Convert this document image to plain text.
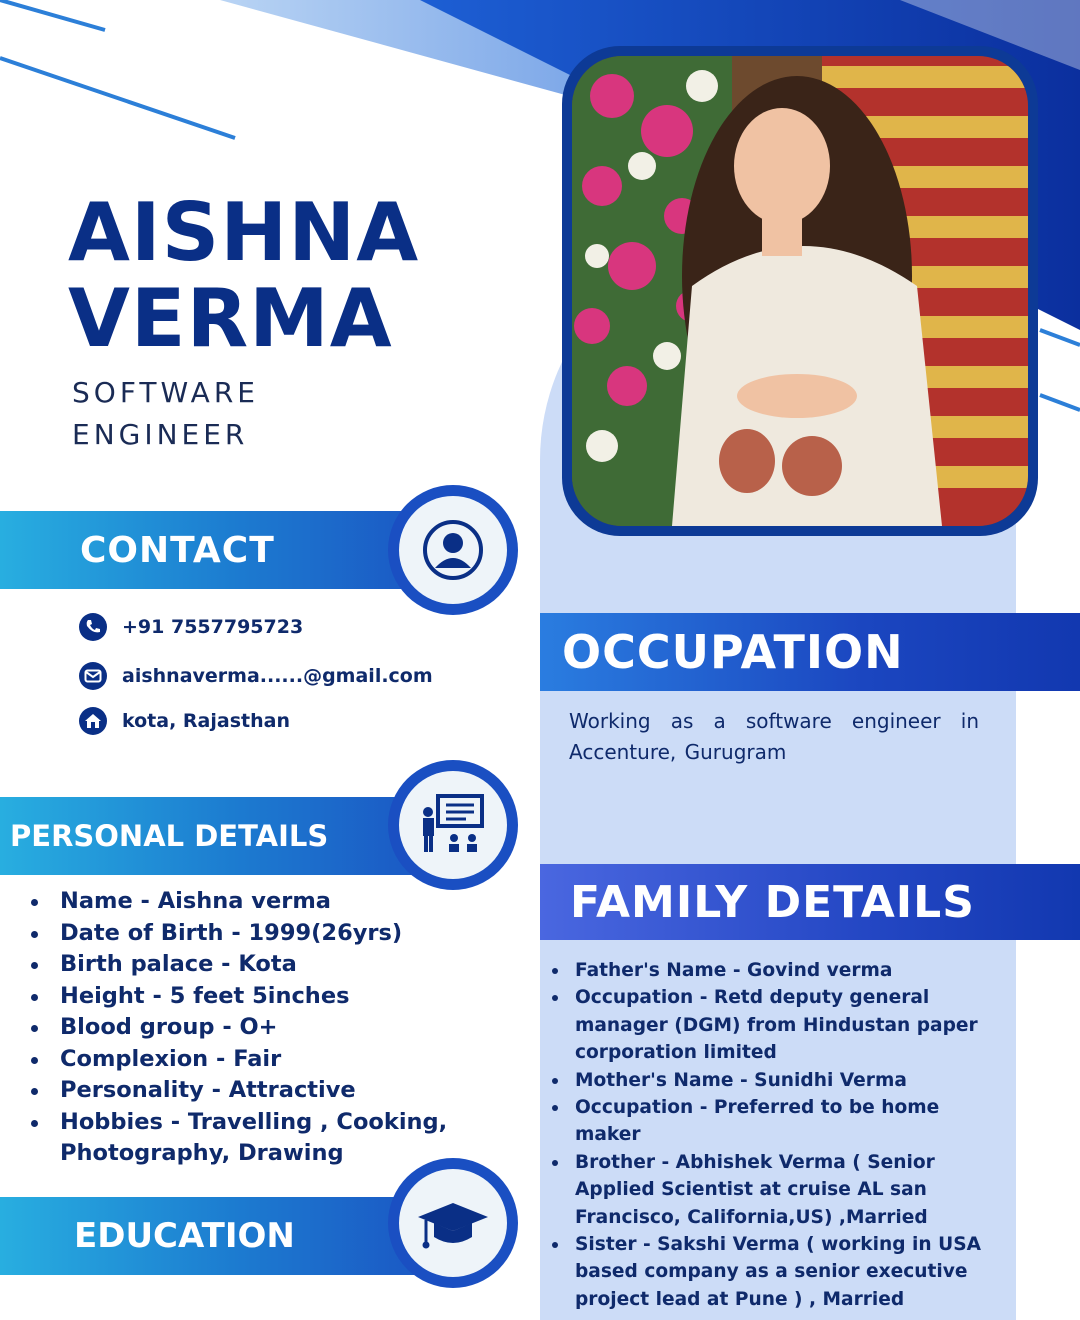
AISHNA
VERMA
SOFTWARE
ENGINEER
CONTACT
+91 7557795723
aishnaverma......@gmail.com
kota, Rajasthan
PERSONAL DETAILS
Name - Aishna verma
Date of Birth - 1999(26yrs)
Birth palace - Kota
Height - 5 feet 5inches
Blood group - O+
Complexion - Fair
Personality - Attractive
Hobbies - Travelling , Cooking, Photography, Drawing
EDUCATION
OCCUPATION
Working as a software engineer in Accenture, Gurugram
FAMILY DETAILS
Father's Name - Govind verma
Occupation - Retd deputy general manager (DGM) from Hindustan paper corporation limited
Mother's Name - Sunidhi Verma
Occupation - Preferred to be home maker
Brother - Abhishek Verma ( Senior Applied Scientist at cruise AL san Francisco, California,US) ,Married
Sister - Sakshi Verma ( working in USA based company as a senior executive project lead at Pune ) , Married
